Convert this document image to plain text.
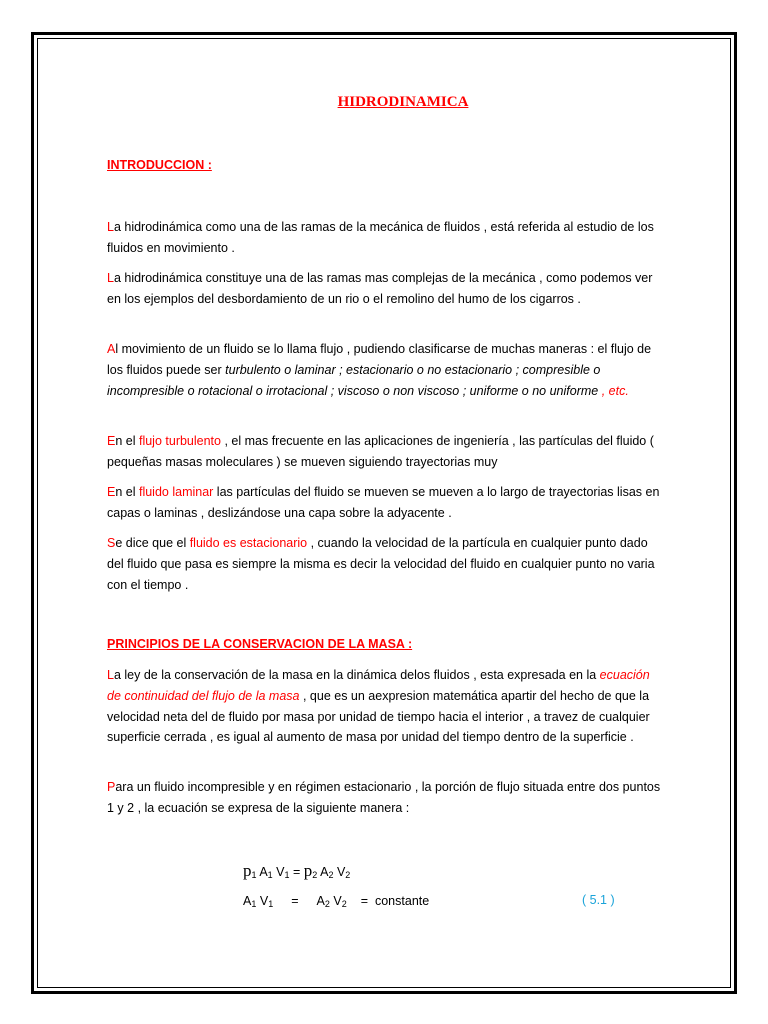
HIDRODINAMICA
INTRODUCCION :
La hidrodinámica como una de las ramas de la mecánica de fluidos , está referida al estudio de los fluidos en movimiento .
La hidrodinámica constituye una de las ramas mas complejas de la mecánica , como podemos ver en los ejemplos del desbordamiento de un rio o el remolino del humo de los cigarros .
Al movimiento de un fluido se lo llama flujo , pudiendo clasificarse de muchas maneras : el flujo de los fluidos puede ser turbulento o laminar ; estacionario o no estacionario ; compresible o incompresible o rotacional o irrotacional ; viscoso o non viscoso ; uniforme o no uniforme , etc.
En el flujo turbulento , el mas frecuente en las aplicaciones de ingeniería , las partículas del fluido ( pequeñas masas moleculares ) se mueven siguiendo trayectorias muy
En el fluido laminar las partículas del fluido se mueven se mueven a lo largo de trayectorias lisas en capas o laminas , deslizándose una capa sobre la adyacente .
Se dice que el fluido es estacionario , cuando la velocidad de la partícula en cualquier punto dado del fluido que pasa es siempre la misma es decir la velocidad del fluido en cualquier punto no varia con el tiempo .
PRINCIPIOS DE LA CONSERVACION DE LA MASA :
La ley de la conservación de la masa en la dinámica delos fluidos , esta expresada en la ecuación de continuidad del flujo de la masa , que es un aexpresion matemática apartir del hecho de que la velocidad neta del de fluido por masa por unidad de tiempo hacia el interior , a travez de cualquier superficie cerrada , es igual al aumento de masa por unidad del tiempo dentro de la superficie .
Para un fluido incompresible y en régimen estacionario , la porción de flujo situada entre dos puntos 1 y 2 , la ecuación se expresa de la siguiente manera :
$p_1$ $A_1$ $V_1 = p_2$ $A_2$ $V_2$
$A_1$ $V_1 = A_2$ $V_2$ = constante	( 5.1 )
